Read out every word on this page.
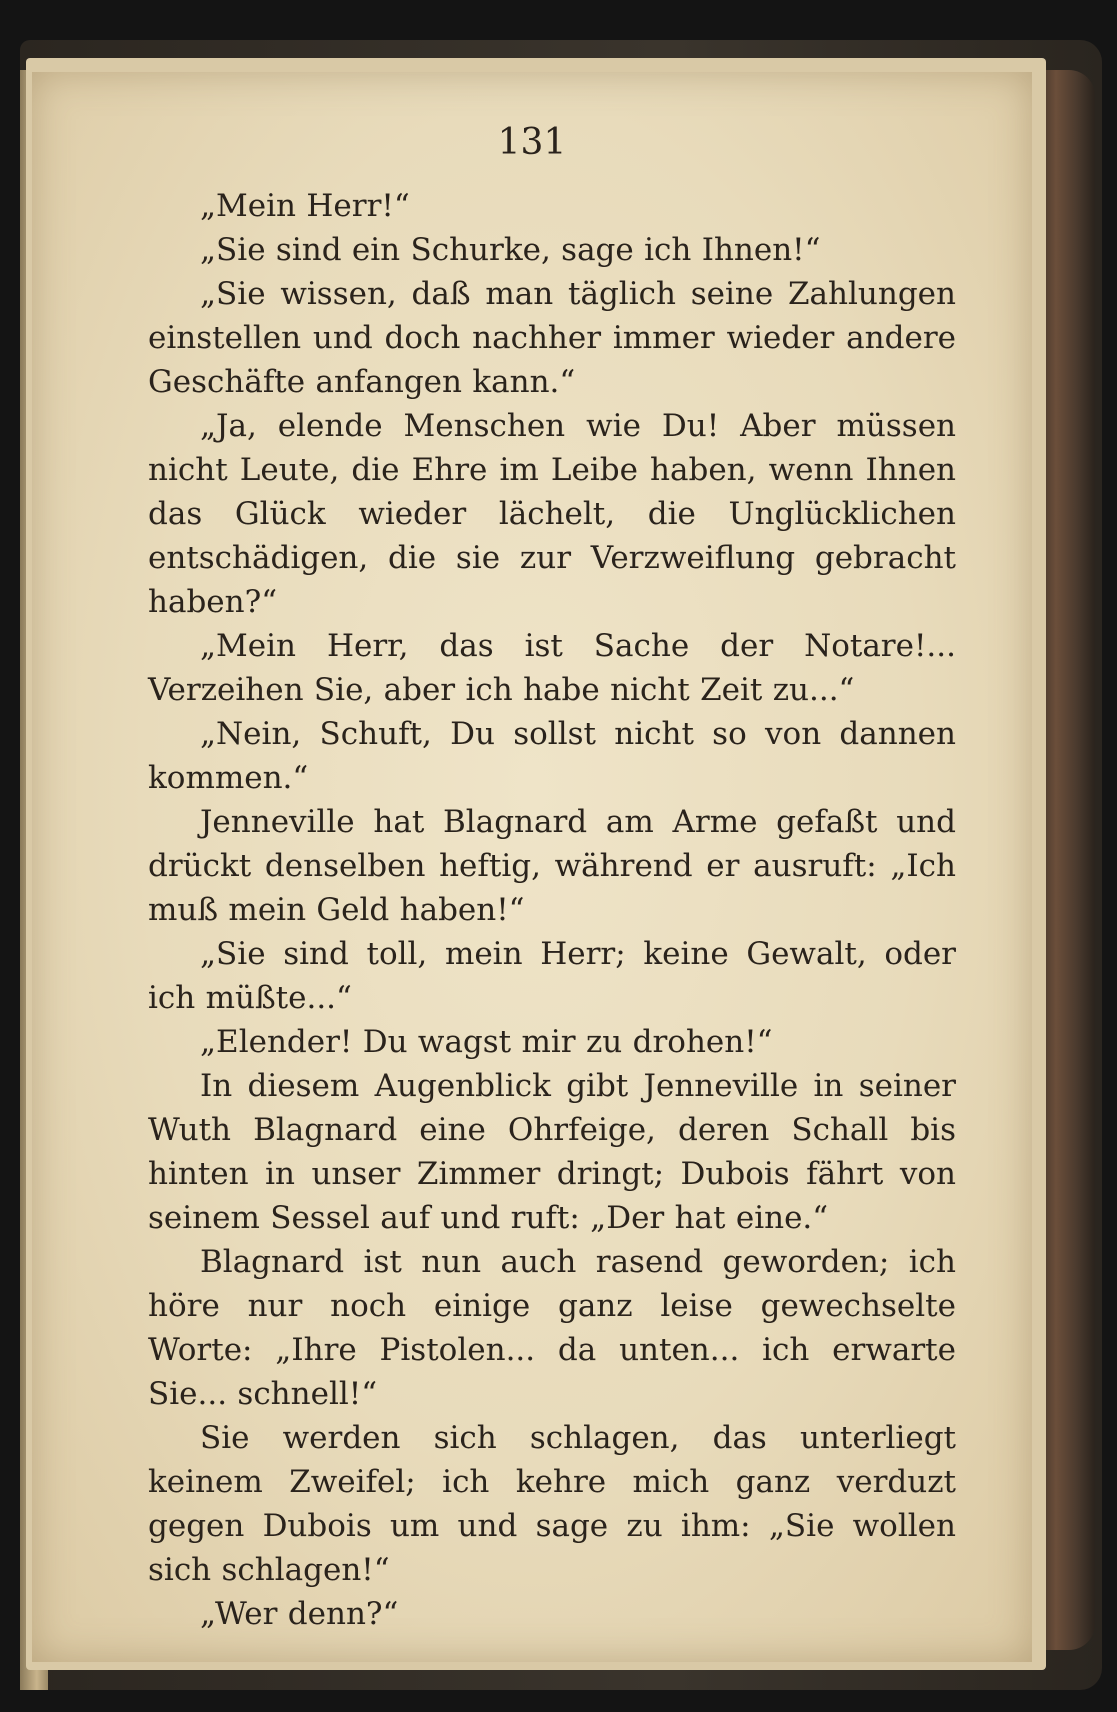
131

„Mein Herr!“

„Sie sind ein Schurke, sage ich Ihnen!“

„Sie wissen, daß man täglich seine Zahlungen einstellen und doch nachher immer wieder andere Geschäfte anfangen kann.“

„Ja, elende Menschen wie Du! Aber müssen nicht Leute, die Ehre im Leibe haben, wenn Ihnen das Glück wieder lächelt, die Unglücklichen entschädigen, die sie zur Verzweiflung gebracht haben?“

„Mein Herr, das ist Sache der Notare!... Verzeihen Sie, aber ich habe nicht Zeit zu...“

„Nein, Schuft, Du sollst nicht so von dannen kommen.“

Jenneville hat Blagnard am Arme gefaßt und drückt denselben heftig, während er ausruft: „Ich muß mein Geld haben!“

„Sie sind toll, mein Herr; keine Gewalt, oder ich müßte...“

„Elender! Du wagst mir zu drohen!“

In diesem Augenblick gibt Jenneville in seiner Wuth Blagnard eine Ohrfeige, deren Schall bis hinten in unser Zimmer dringt; Dubois fährt von seinem Sessel auf und ruft: „Der hat eine.“

Blagnard ist nun auch rasend geworden; ich höre nur noch einige ganz leise gewechselte Worte: „Ihre Pistolen... da unten... ich erwarte Sie... schnell!“

Sie werden sich schlagen, das unterliegt keinem Zweifel; ich kehre mich ganz verduzt gegen Dubois um und sage zu ihm: „Sie wollen sich schlagen!“

„Wer denn?“
